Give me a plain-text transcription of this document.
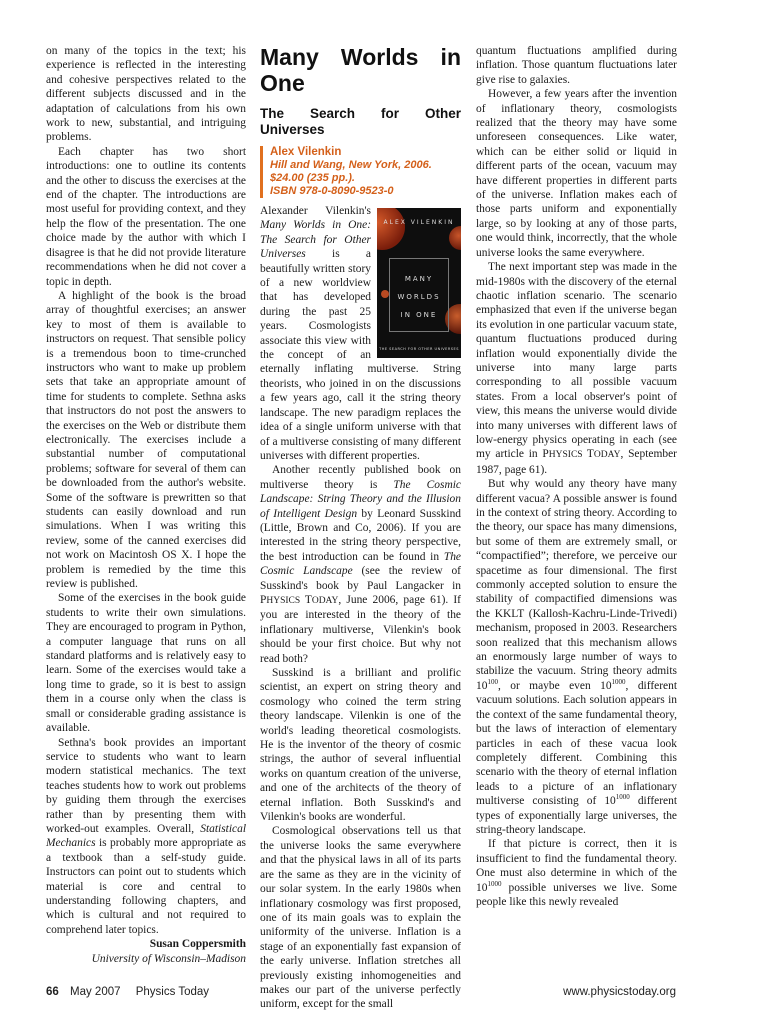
on many of the topics in the text; his experience is reflected in the interesting and cohesive perspectives related to the different subjects discussed and in the adaptation of calculations from his own work to new, substantial, and intriguing problems.

Each chapter has two short introductions: one to outline its contents and the other to discuss the exercises at the end of the chapter. The introductions are most useful for providing context, and they help the flow of the presentation. The one choice made by the author with which I disagree is that he did not provide literature recommendations when he did not cover a topic in depth.

A highlight of the book is the broad array of thoughtful exercises; an answer key to most of them is available to instructors on request. That sensible policy is a tremendous boon to time-crunched instructors who want to make up problem sets that take an appropriate amount of time for students to complete. Sethna asks that instructors do not post the answers to the exercises on the Web or distribute them electronically. The exercises include a substantial number of computational problems; software for several of them can be downloaded from the author's website. Some of the software is prewritten so that students can easily download and run simulations. When I was writing this review, some of the canned exercises did not work on Macintosh OS X. I hope the problem is remedied by the time this review is published.

Some of the exercises in the book guide students to write their own simulations. They are encouraged to program in Python, a computer language that runs on all standard platforms and is relatively easy to learn. Some of the exercises would take a long time to grade, so it is best to assign them in a course only when the class is small or considerable grading assistance is available.

Sethna's book provides an important service to students who want to learn modern statistical mechanics. The text teaches students how to work out problems by guiding them through the exercises rather than by presenting them with worked-out examples. Overall, Statistical Mechanics is probably more appropriate as a textbook than a self-study guide. Instructors can point out to students which material is core and central to understanding following chapters, and which is cultural and not required to comprehend later topics.

Susan Coppersmith
University of Wisconsin–Madison
Many Worlds in One
The Search for Other Universes
Alex Vilenkin
Hill and Wang, New York, 2006.
$24.00 (235 pp.).
ISBN 978-0-8090-9523-0

ALEX VILENKIN
MANY
WORLDS
IN ONE
THE SEARCH FOR OTHER UNIVERSES
Alexander Vilenkin's Many Worlds in One: The Search for Other Universes is a beautifully written story of a new worldview that has developed during the past 25 years. Cosmologists associate this view with the concept of an eternally inflating multiverse. String theorists, who joined in on the discussions a few years ago, call it the string theory landscape. The new paradigm replaces the idea of a single uniform universe with that of a multiverse consisting of many different universes with different properties.

Another recently published book on multiverse theory is The Cosmic Landscape: String Theory and the Illusion of Intelligent Design by Leonard Susskind (Little, Brown and Co, 2006). If you are interested in the string theory perspective, the best introduction can be found in The Cosmic Landscape (see the review of Susskind's book by Paul Langacker in PHYSICS TODAY, June 2006, page 61). If you are interested in the theory of the inflationary multiverse, Vilenkin's book should be your first choice. But why not read both?

Susskind is a brilliant and prolific scientist, an expert on string theory and cosmology who coined the term string theory landscape. Vilenkin is one of the world's leading theoretical cosmologists. He is the inventor of the theory of cosmic strings, the author of several influential works on quantum creation of the universe, and one of the architects of the theory of eternal inflation. Both Susskind's and Vilenkin's books are wonderful.

Cosmological observations tell us that the universe looks the same everywhere and that the physical laws in all of its parts are the same as they are in the vicinity of our solar system. In the early 1980s when inflationary cosmology was first proposed, one of its main goals was to explain the uniformity of the universe. Inflation is a stage of an exponentially fast expansion of the early universe. Inflation stretches all previously existing inhomogeneities and makes our part of the universe perfectly uniform, except for the small

quantum fluctuations amplified during inflation. Those quantum fluctuations later give rise to galaxies.

However, a few years after the invention of inflationary theory, cosmologists realized that the theory may have some unforeseen consequences. Like water, which can be either solid or liquid in different parts of the ocean, vacuum may have different properties in different parts of the universe. Inflation makes each of those parts uniform and exponentially large, so by looking at any of those parts, one would think, incorrectly, that the whole universe looks the same everywhere.

The next important step was made in the mid-1980s with the discovery of the eternal chaotic inflation scenario. The scenario emphasized that even if the universe began its evolution in one particular vacuum state, quantum fluctuations produced during inflation would exponentially divide the universe into many large parts corresponding to all possible vacuum states. From a local observer's point of view, this means the universe would divide into many universes with different laws of low-energy physics operating in each (see my article in PHYSICS TODAY, September 1987, page 61).

But why would any theory have many different vacua? A possible answer is found in the context of string theory. According to the theory, our space has many dimensions, but some of them are extremely small, or “compactified”; therefore, we perceive our spacetime as four dimensional. The first commonly accepted solution to ensure the stability of compactified dimensions was the KKLT (Kallosh-Kachru-Linde-Trivedi) mechanism, proposed in 2003. Researchers soon realized that this mechanism allows an enormously large number of ways to stabilize the vacuum. String theory admits $10^{100}$, or maybe even $10^{1000}$, different vacuum solutions. Each solution appears in the context of the same fundamental theory, but the laws of interaction of elementary particles in each of these vacua look completely different. Combining this scenario with the theory of eternal inflation leads to a picture of an inflationary multiverse consisting of $10^{1000}$ different types of exponentially large universes, the string-theory landscape.

If that picture is correct, then it is insufficient to find the fundamental theory. One must also determine in which of the $10^{1000}$ possible universes we live. Some people like this newly revealed

66 May 2007 Physics Today	www.physicstoday.org
